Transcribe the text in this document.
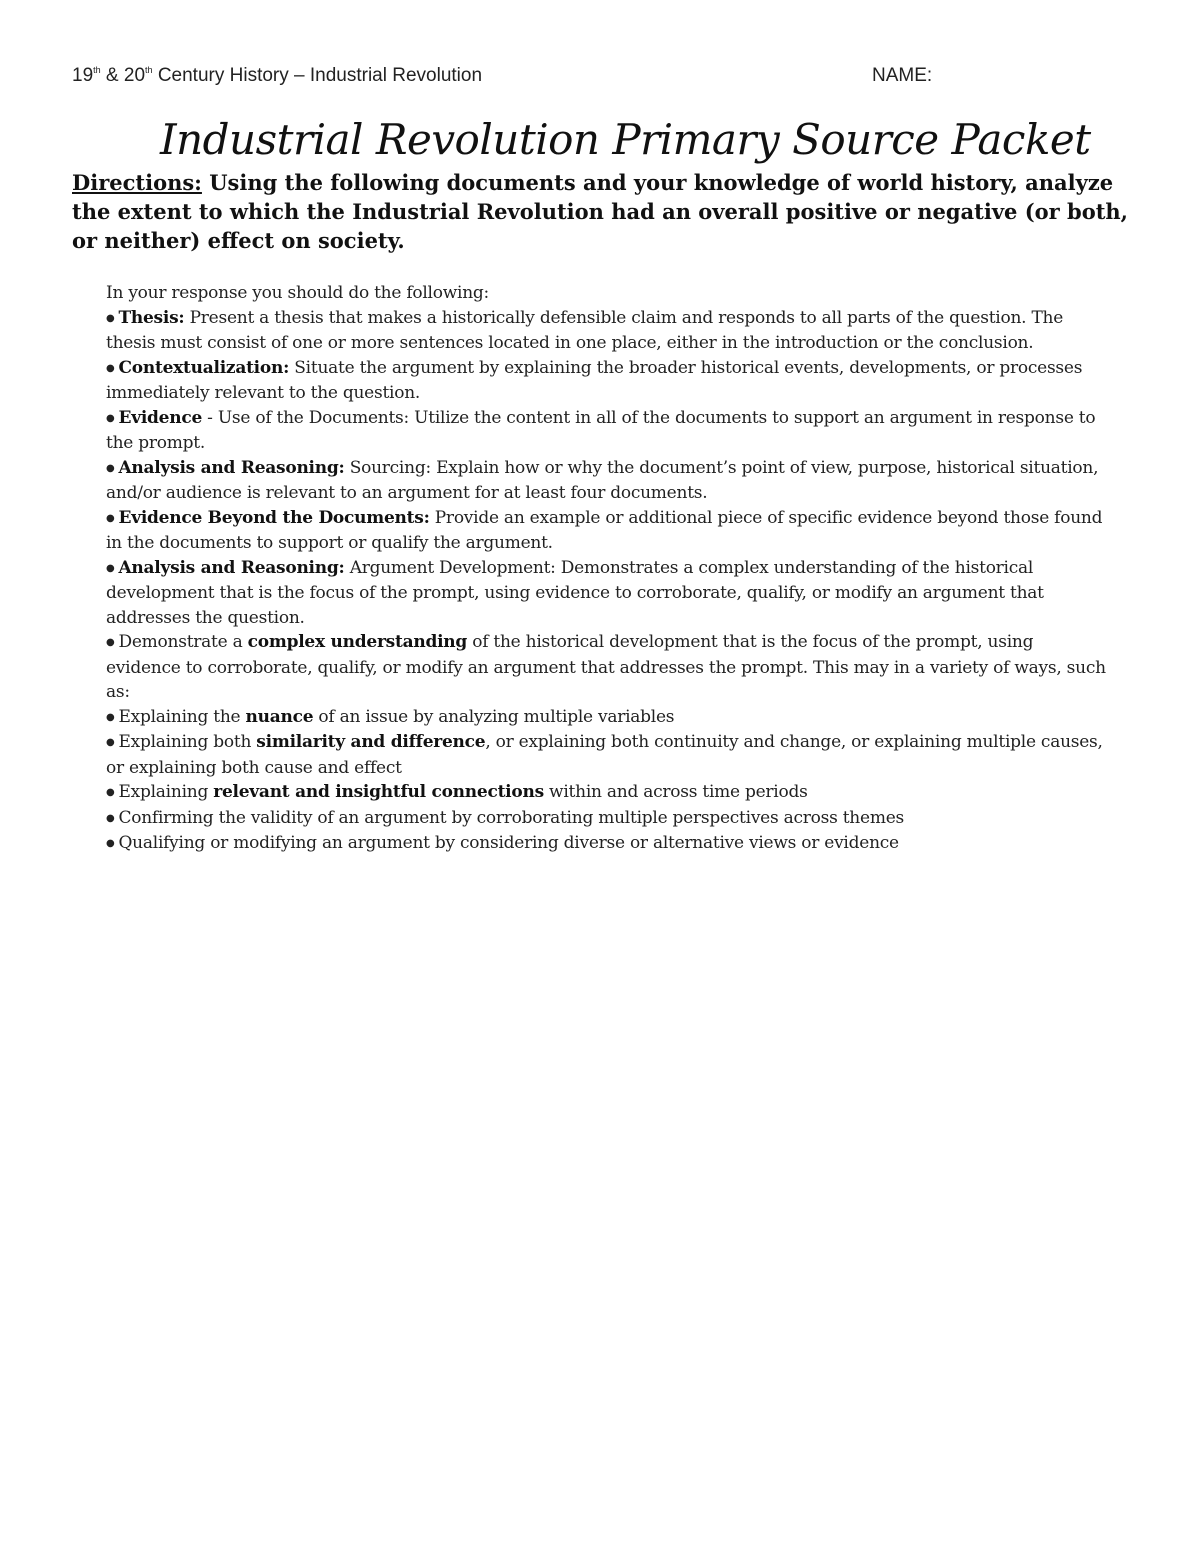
19th & 20th Century History – Industrial Revolution	NAME:
Industrial Revolution Primary Source Packet
Directions: Using the following documents and your knowledge of world history, analyze the extent to which the Industrial Revolution had an overall positive or negative (or both, or neither) effect on society.

In your response you should do the following:

● Thesis: Present a thesis that makes a historically defensible claim and responds to all parts of the question. The thesis must consist of one or more sentences located in one place, either in the introduction or the conclusion.

● Contextualization: Situate the argument by explaining the broader historical events, developments, or processes immediately relevant to the question.

● Evidence - Use of the Documents: Utilize the content in all of the documents to support an argument in response to the prompt.

● Analysis and Reasoning: Sourcing: Explain how or why the document’s point of view, purpose, historical situation, and/or audience is relevant to an argument for at least four documents.

● Evidence Beyond the Documents: Provide an example or additional piece of specific evidence beyond those found in the documents to support or qualify the argument.

● Analysis and Reasoning: Argument Development: Demonstrates a complex understanding of the historical development that is the focus of the prompt, using evidence to corroborate, qualify, or modify an argument that addresses the question.

● Demonstrate a complex understanding of the historical development that is the focus of the prompt, using evidence to corroborate, qualify, or modify an argument that addresses the prompt. This may in a variety of ways, such as:

● Explaining the nuance of an issue by analyzing multiple variables

● Explaining both similarity and difference, or explaining both continuity and change, or explaining multiple causes, or explaining both cause and effect

● Explaining relevant and insightful connections within and across time periods

● Confirming the validity of an argument by corroborating multiple perspectives across themes

● Qualifying or modifying an argument by considering diverse or alternative views or evidence
